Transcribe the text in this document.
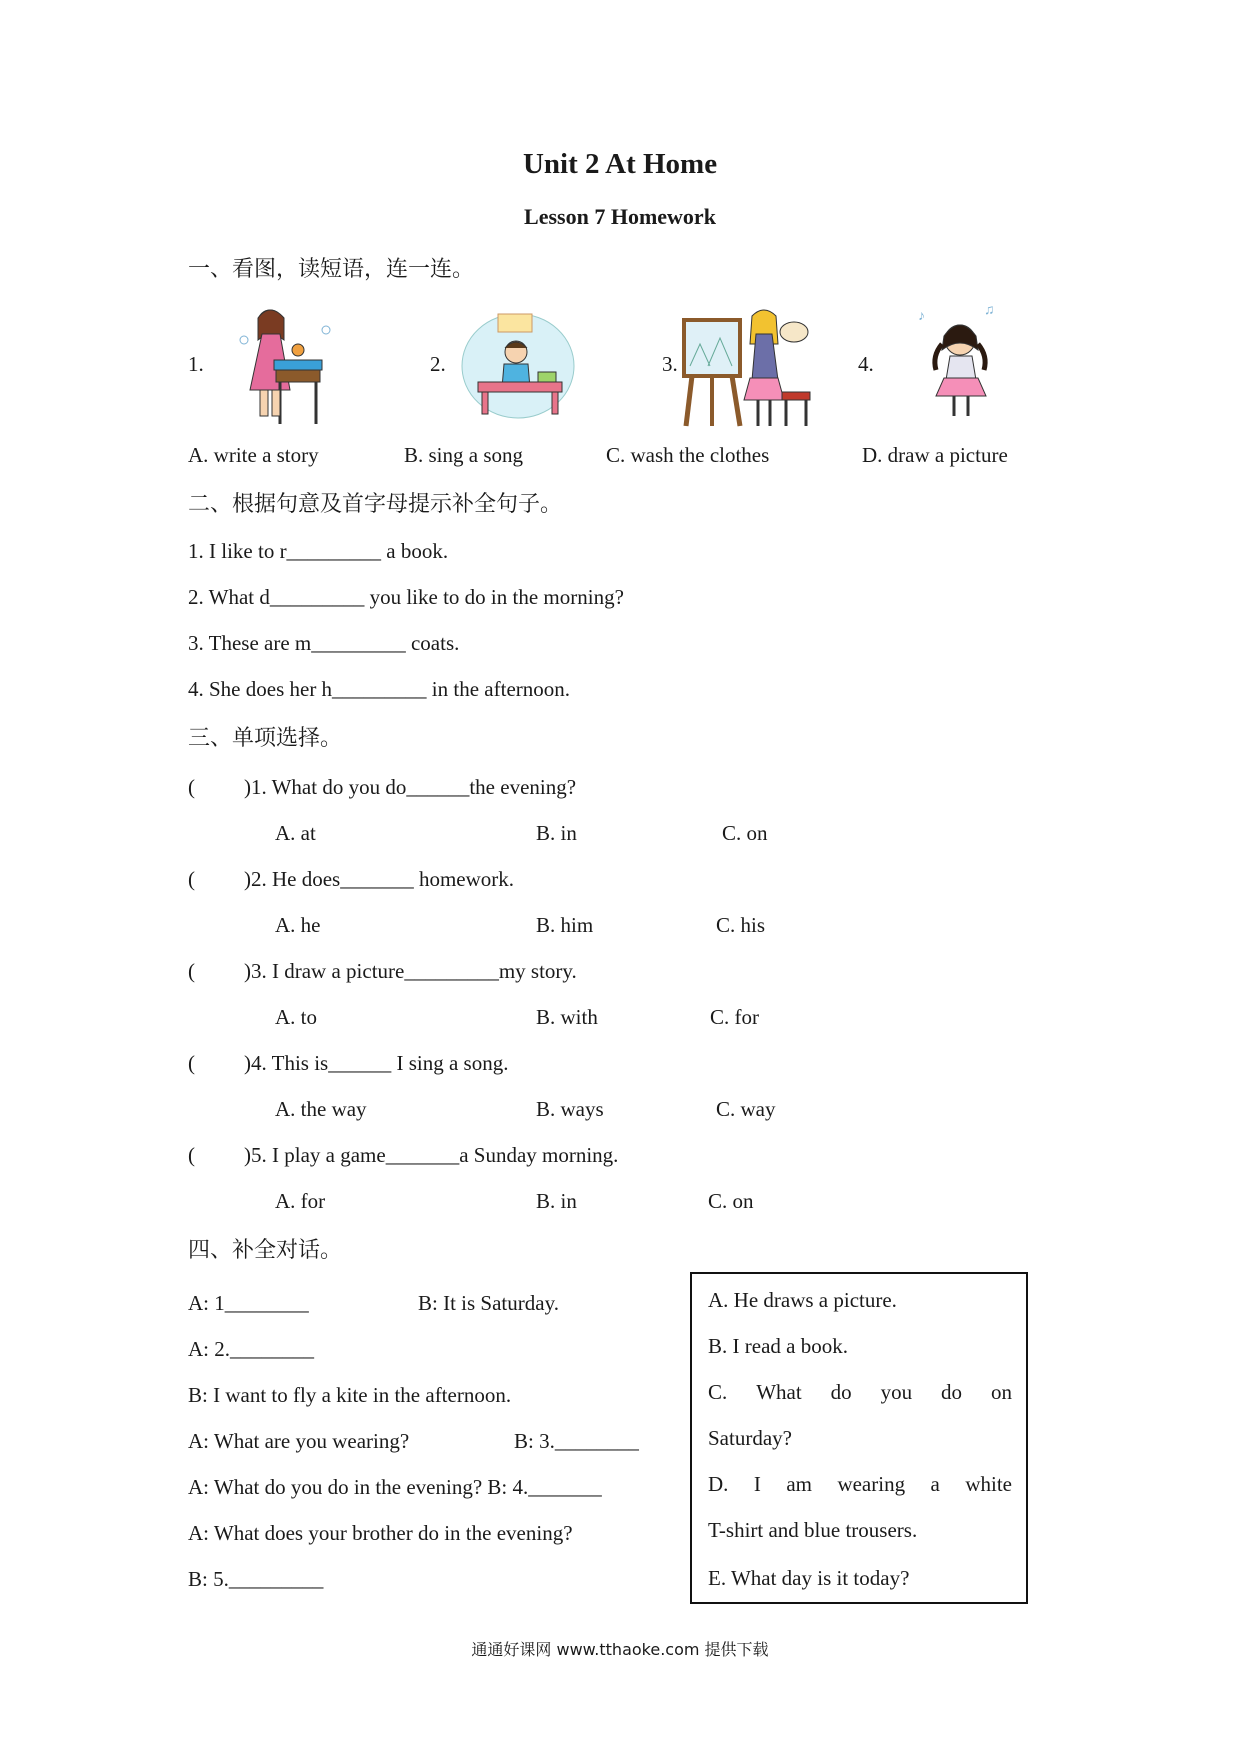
Unit 2 At Home
Lesson 7 Homework
一、看图，读短语，连一连。
1.	2.	3.	4.
♪	♫
A. write a story	B. sing a song	C. wash the clothes	D. draw a picture
二、根据句意及首字母提示补全句子。
1. I like to r_________ a book.
2. What d_________ you like to do in the morning?
3. These are m_________ coats.
4. She does her h_________ in the afternoon.
三、单项选择。
( )1. What do you do______the evening?
A. at	B. in	C. on
( )2. He does_______ homework.
A. he	B. him	C. his
( )3. I draw a picture_________my story.
A. to	B. with	C. for
( )4. This is______ I sing a song.
A. the way	B. ways	C. way
( )5. I play a game_______a Sunday morning.
A. for	B. in	C. on
四、补全对话。
A: 1________	B: It is Saturday.
A: 2.________
B: I want to fly a kite in the afternoon.
A: What are you wearing?	B: 3.________
A: What do you do in the evening? B: 4._______
A: What does your brother do in the evening?
B: 5._________
A. He draws a picture.
B. I read a book.
C. What do you do on
Saturday?
D. I am wearing a white
T-shirt and blue trousers.
E. What day is it today?
通通好课网 www.tthaoke.com 提供下载
